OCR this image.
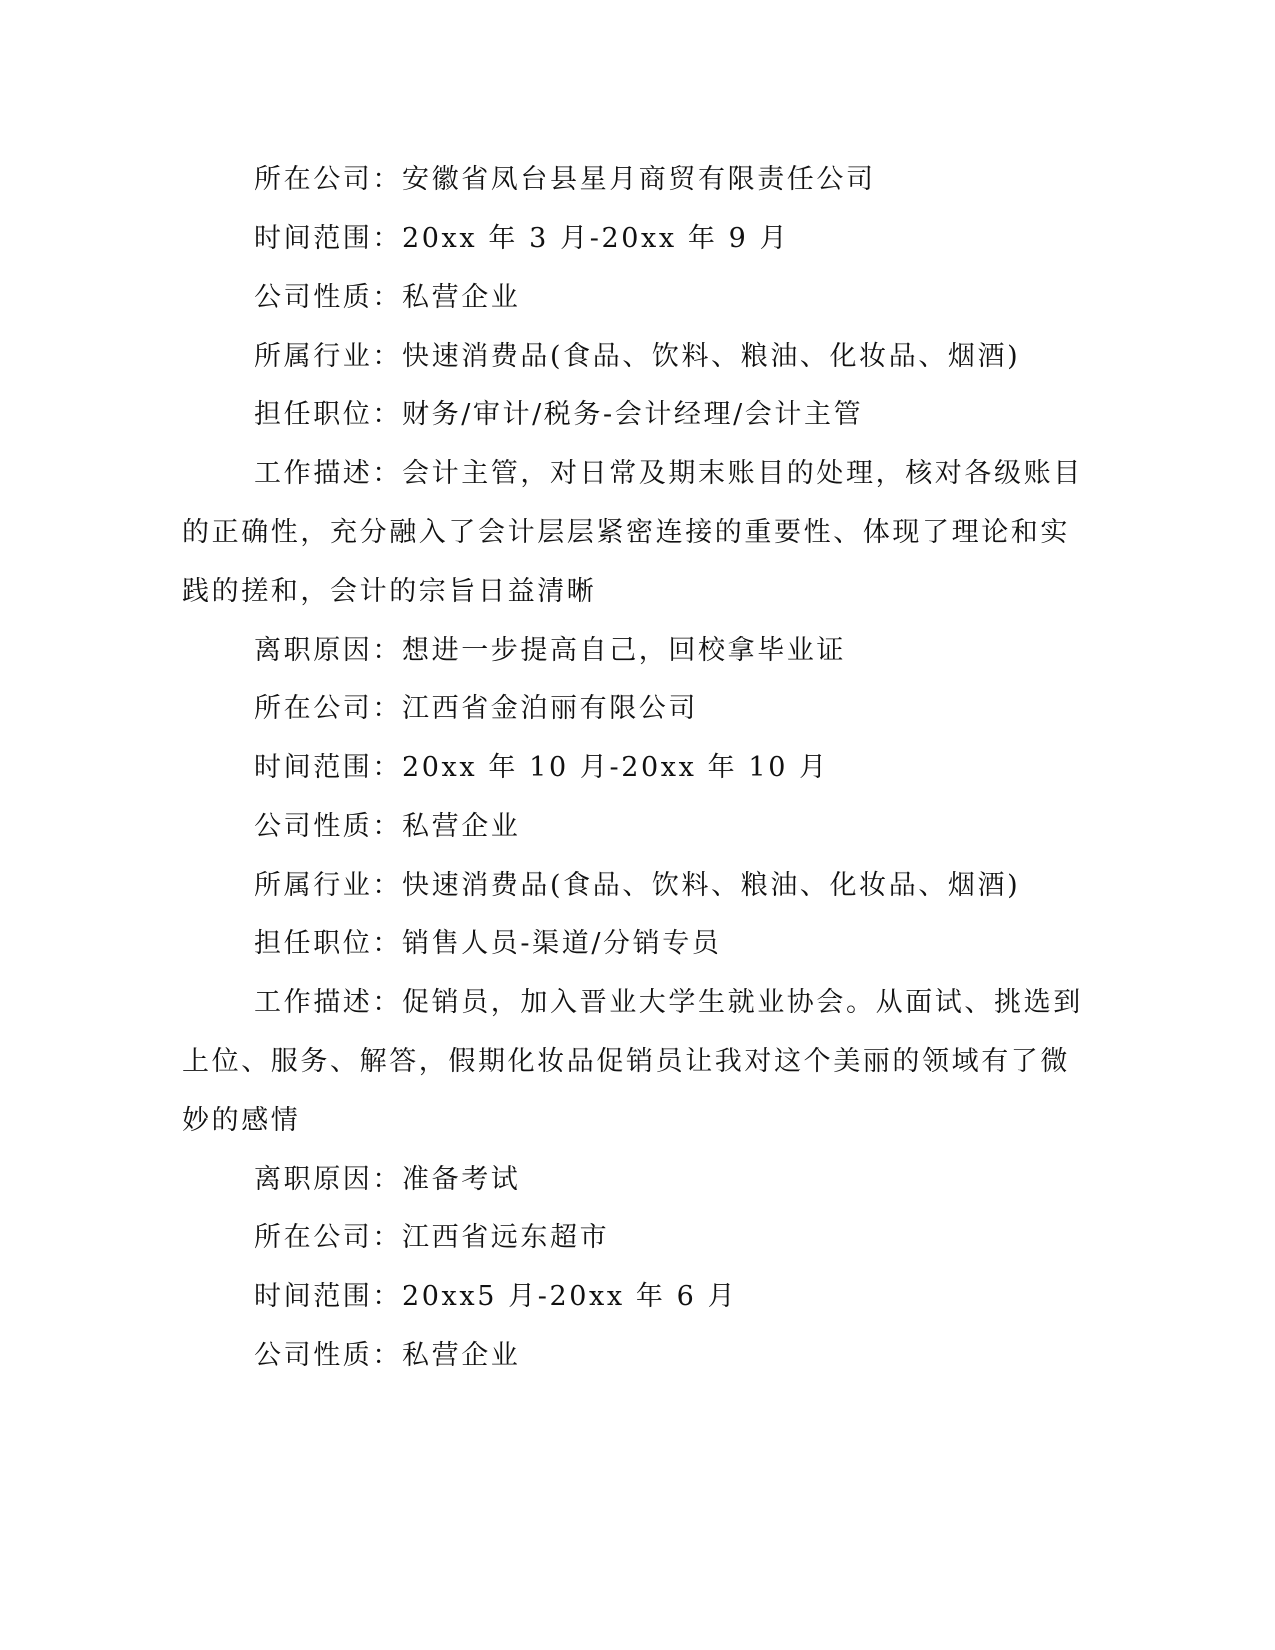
所在公司：安徽省凤台县星月商贸有限责任公司
时间范围：20xx 年 3 月-20xx 年 9 月
公司性质：私营企业
所属行业：快速消费品(食品、饮料、粮油、化妆品、烟酒)
担任职位：财务/审计/税务-会计经理/会计主管
工作描述：会计主管，对日常及期末账目的处理，核对各级账目
的正确性，充分融入了会计层层紧密连接的重要性、体现了理论和实
践的搓和，会计的宗旨日益清晰
离职原因：想进一步提高自己，回校拿毕业证
所在公司：江西省金泊丽有限公司
时间范围：20xx 年 10 月-20xx 年 10 月
公司性质：私营企业
所属行业：快速消费品(食品、饮料、粮油、化妆品、烟酒)
担任职位：销售人员-渠道/分销专员
工作描述：促销员，加入晋业大学生就业协会。从面试、挑选到
上位、服务、解答，假期化妆品促销员让我对这个美丽的领域有了微
妙的感情
离职原因：准备考试
所在公司：江西省远东超市
时间范围：20xx5 月-20xx 年 6 月
公司性质：私营企业
